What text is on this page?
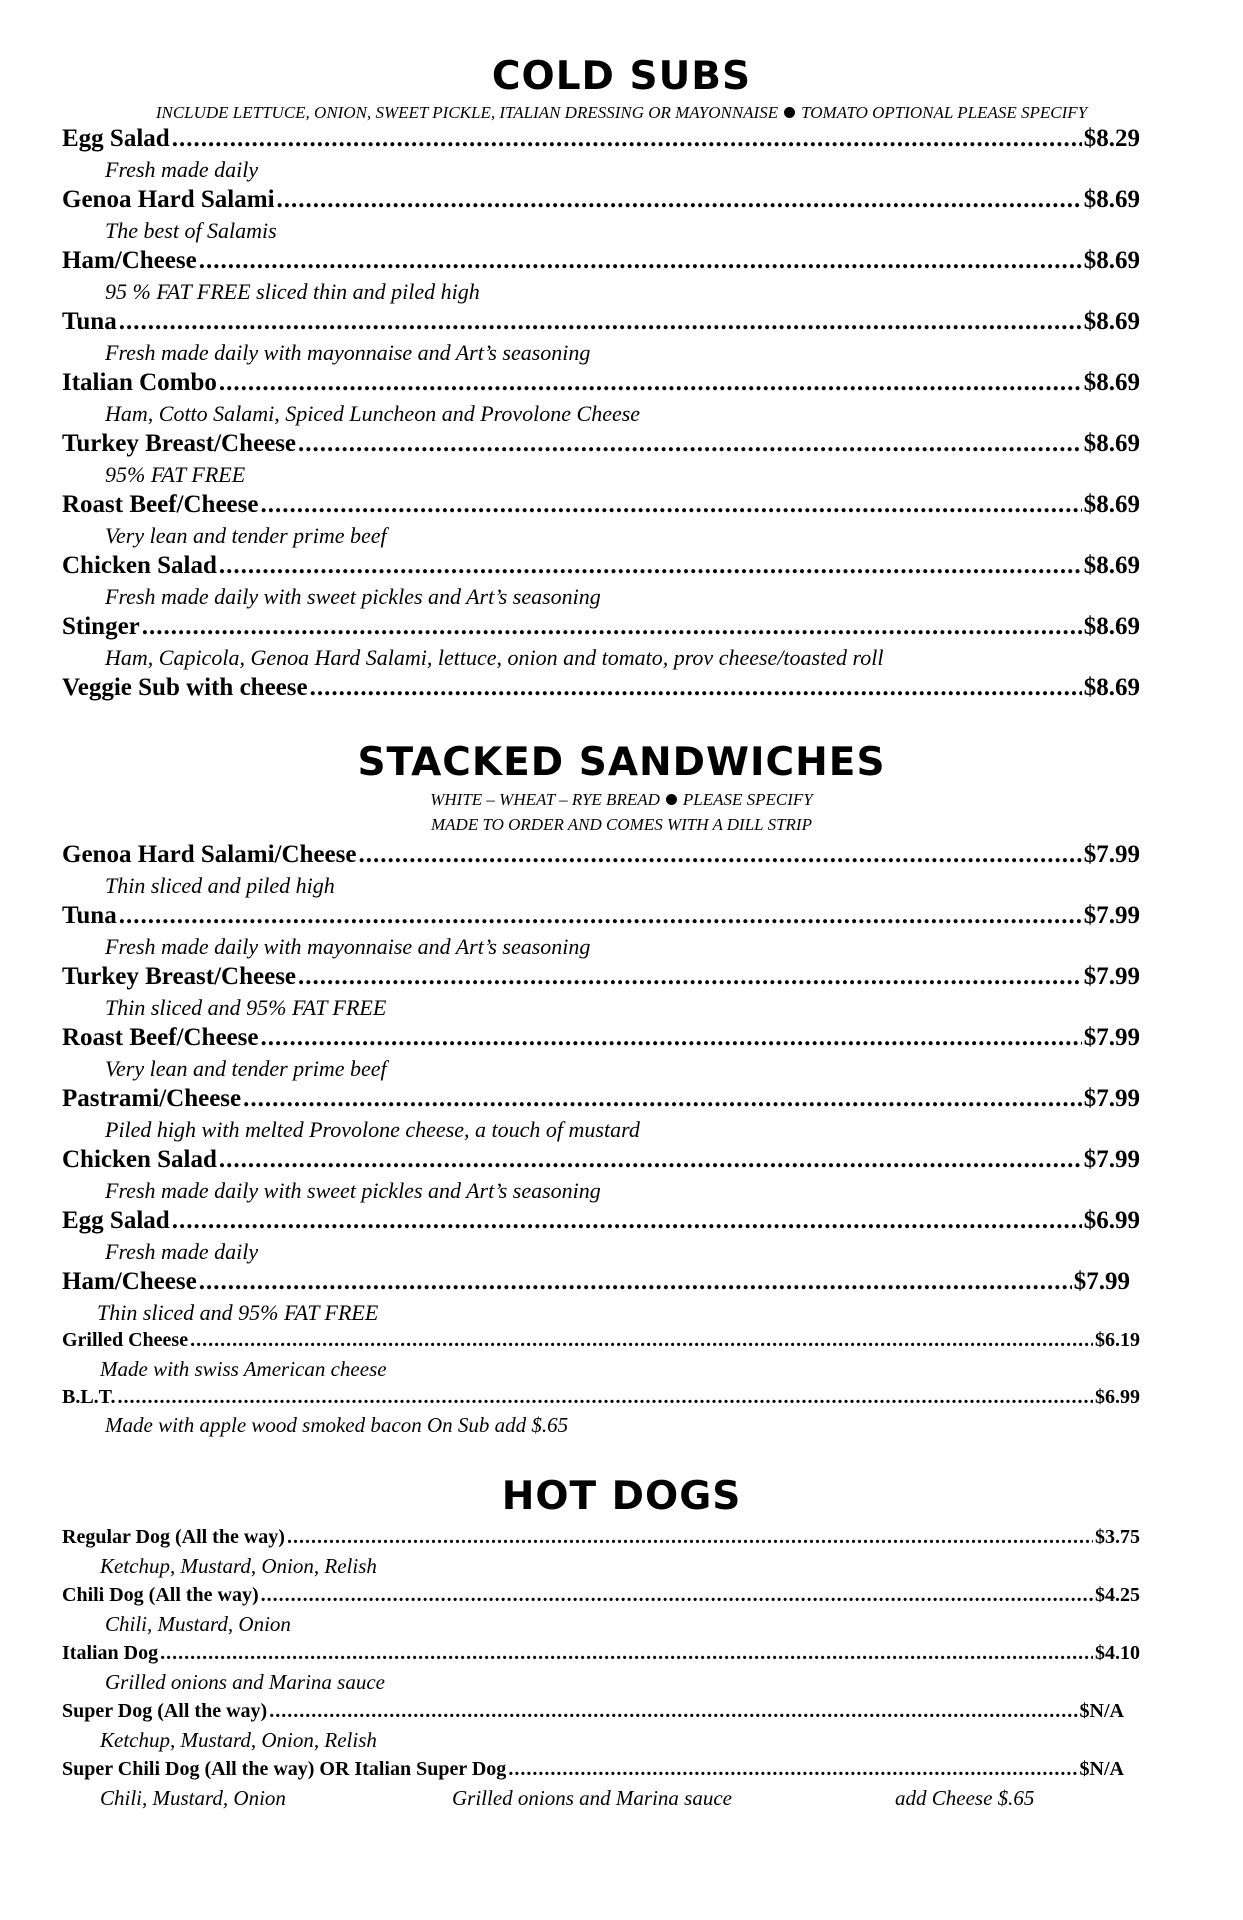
COLD SUBS
INCLUDE LETTUCE, ONION, SWEET PICKLE, ITALIAN DRESSING OR MAYONNAISE TOMATO OPTIONAL PLEASE SPECIFY
Egg Salad .....	$8.29
Fresh made daily
Genoa Hard Salami .....	$8.69
The best of Salamis
Ham/Cheese .....	$8.69
95 % FAT FREE sliced thin and piled high
Tuna .....	$8.69
Fresh made daily with mayonnaise and Art’s seasoning
Italian Combo .....	$8.69
Ham, Cotto Salami, Spiced Luncheon and Provolone Cheese
Turkey Breast/Cheese .....	$8.69
95% FAT FREE
Roast Beef/Cheese .....	$8.69
Very lean and tender prime beef
Chicken Salad .....	$8.69
Fresh made daily with sweet pickles and Art’s seasoning
Stinger .....	$8.69
Ham, Capicola, Genoa Hard Salami, lettuce, onion and tomato, prov cheese/toasted roll
Veggie Sub with cheese .....	$8.69
STACKED SANDWICHES
WHITE – WHEAT – RYE BREAD PLEASE SPECIFY
MADE TO ORDER AND COMES WITH A DILL STRIP
Genoa Hard Salami/Cheese .....	$7.99
Thin sliced and piled high
Tuna .....	$7.99
Fresh made daily with mayonnaise and Art’s seasoning
Turkey Breast/Cheese .....	$7.99
Thin sliced and 95% FAT FREE
Roast Beef/Cheese .....	$7.99
Very lean and tender prime beef
Pastrami/Cheese .....	$7.99
Piled high with melted Provolone cheese, a touch of mustard
Chicken Salad .....	$7.99
Fresh made daily with sweet pickles and Art’s seasoning
Egg Salad .....	$6.99
Fresh made daily
Ham/Cheese .....	$7.99
Thin sliced and 95% FAT FREE
Grilled Cheese .....	$6.19
Made with swiss American cheese
B.L.T. .....	$6.99
Made with apple wood smoked bacon On Sub add $.65
HOT DOGS
Regular Dog (All the way) .....	$3.75
Ketchup, Mustard, Onion, Relish
Chili Dog (All the way) .....	$4.25
Chili, Mustard, Onion
Italian Dog .....	$4.10
Grilled onions and Marina sauce
Super Dog (All the way) .....	$N/A
Ketchup, Mustard, Onion, Relish
Super Chili Dog (All the way) OR Italian Super Dog .....	$N/A
Chili, Mustard, Onion	Grilled onions and Marina sauce	add Cheese $.65
